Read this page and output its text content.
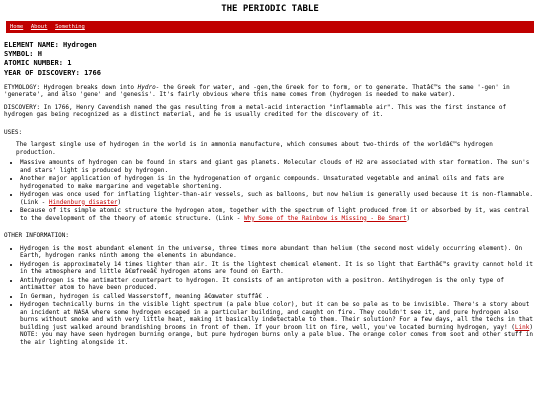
THE PERIODIC TABLE
Home About Something
ELEMENT NAME: Hydrogen
SYMBOL: H
ATOMIC NUMBER: 1
YEAR OF DISCOVERY: 1766

ETYMOLOGY: Hydrogen breaks down into Hydro- the Greek for water, and -gen,the Greek for to form, or to generate. Thatâ€™s the same '-gen' in 'generate', and also 'gene' and 'genesis'. It's fairly obvious where this name comes from (hydrogen is needed to make water).

DISCOVERY: In 1766, Henry Cavendish named the gas resulting from a metal-acid interaction "inflammable air". This was the first instance of hydrogen gas being recognized as a distinct material, and he is usually credited for the discovery of it.

USES:
The largest single use of hydrogen in the world is in ammonia manufacture, which consumes about two-thirds of the worldâ€™s hydrogen production.
• Massive amounts of hydrogen can be found in stars and giant gas planets. Molecular clouds of H2 are associated with star formation. The sun's and stars' light is produced by hydrogen.
• Another major application of hydrogen is in the hydrogenation of organic compounds. Unsaturated vegetable and animal oils and fats are hydrogenated to make margarine and vegetable shortening.
• Hydrogen was once used for inflating lighter-than-air vessels, such as balloons, but now helium is generally used because it is non-flammable. (Link - Hindenburg disaster)
• Because of its simple atomic structure the hydrogen atom, together with the spectrum of light produced from it or absorbed by it, was central to the development of the theory of atomic structure. (Link - Why Some of the Rainbow is Missing - Be Smart)
OTHER INFORMATION:
• Hydrogen is the most abundant element in the universe, three times more abundant than helium (the second most widely occurring element). On Earth, hydrogen ranks ninth among the elements in abundance.
• Hydrogen is approximately 14 times lighter than air. It is the lightest chemical element. It is so light that Earthâ€™s gravity cannot hold it in the atmosphere and little â€œfreeâ€ hydrogen atoms are found on Earth.
• Antihydrogen is the antimatter counterpart to hydrogen. It consists of an antiproton with a positron. Antihydrogen is the only type of antimatter atom to have been produced.
• In German, hydrogen is called Wasserstoff, meaning â€œwater stuffâ€ .
• Hydrogen technically burns in the visible light spectrum (a pale blue color), but it can be so pale as to be invisible. There's a story about an incident at NASA where some hydrogen escaped in a particular building, and caught on fire. They couldn't see it, and pure hydrogen also burns without smoke and with very little heat, making it basically indetectable to them. Their solution? For a few days, all the techs in that building just walked around brandishing brooms in front of them. If your broom lit on fire, well, you've located burning hydrogen, yay! (Link)
NOTE: you may have seen hydrogen burning orange, but pure hydrogen burns only a pale blue. The orange color comes from soot and other stuff in the air lighting alongside it.
